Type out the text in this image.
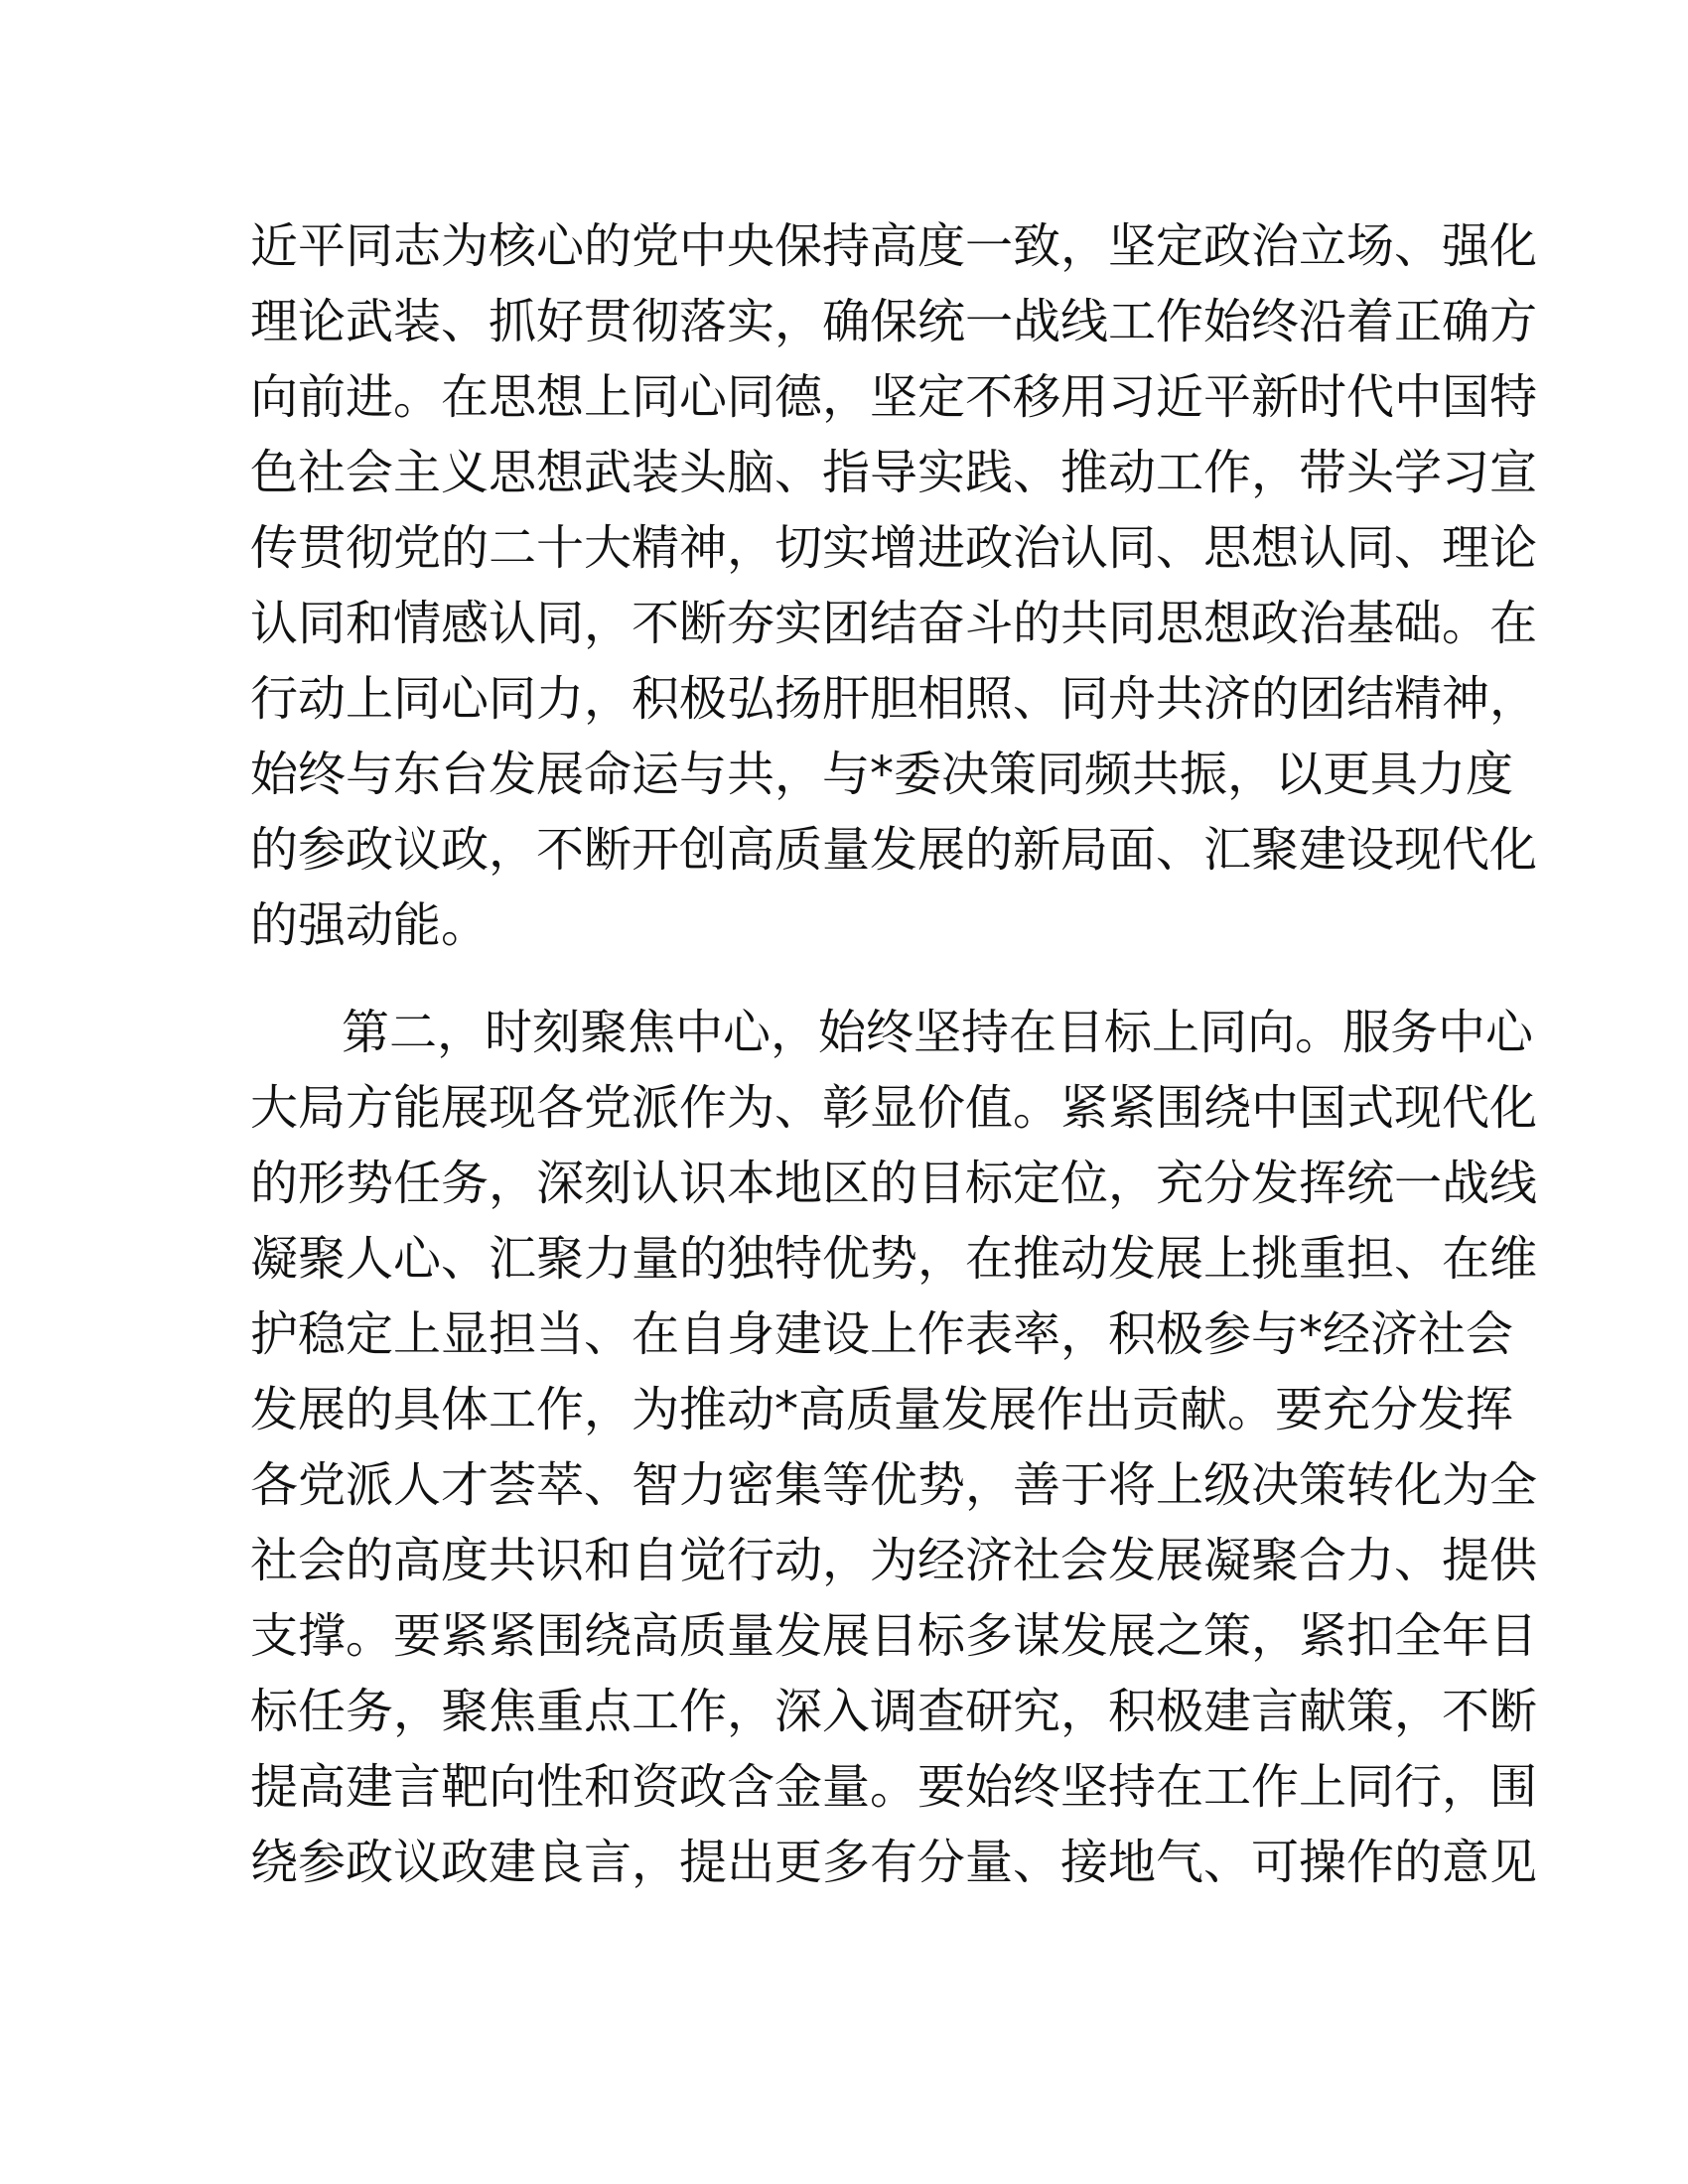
近平同志为核心的党中央保持高度一致，坚定政治立场、强化
理论武装、抓好贯彻落实，确保统一战线工作始终沿着正确方
向前进。在思想上同心同德，坚定不移用习近平新时代中国特
色社会主义思想武装头脑、指导实践、推动工作，带头学习宣
传贯彻党的二十大精神，切实增进政治认同、思想认同、理论
认同和情感认同，不断夯实团结奋斗的共同思想政治基础。在
行动上同心同力，积极弘扬肝胆相照、同舟共济的团结精神，
始终与东台发展命运与共，与*委决策同频共振，以更具力度
的参政议政，不断开创高质量发展的新局面、汇聚建设现代化
的强动能。
第二，时刻聚焦中心，始终坚持在目标上同向。服务中心
大局方能展现各党派作为、彰显价值。紧紧围绕中国式现代化
的形势任务，深刻认识本地区的目标定位，充分发挥统一战线
凝聚人心、汇聚力量的独特优势，在推动发展上挑重担、在维
护稳定上显担当、在自身建设上作表率，积极参与*经济社会
发展的具体工作，为推动*高质量发展作出贡献。要充分发挥
各党派人才荟萃、智力密集等优势，善于将上级决策转化为全
社会的高度共识和自觉行动，为经济社会发展凝聚合力、提供
支撑。要紧紧围绕高质量发展目标多谋发展之策，紧扣全年目
标任务，聚焦重点工作，深入调查研究，积极建言献策，不断
提高建言靶向性和资政含金量。要始终坚持在工作上同行，围
绕参政议政建良言，提出更多有分量、接地气、可操作的意见
